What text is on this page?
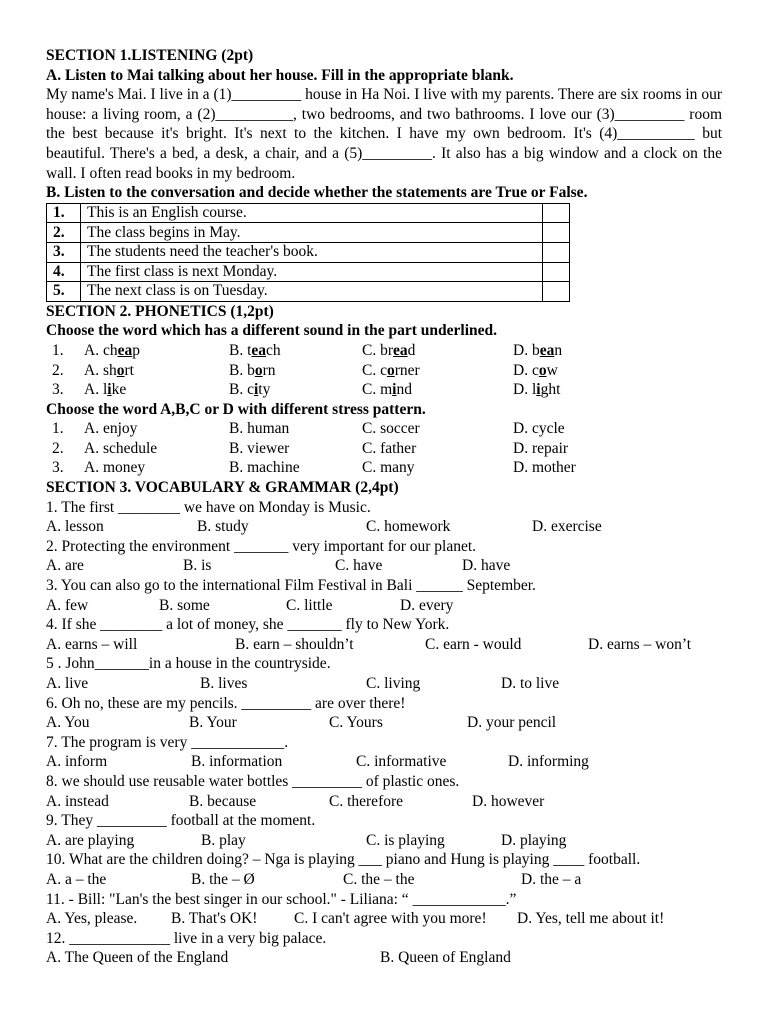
SECTION 1.LISTENING (2pt)
A. Listen to Mai talking about her house. Fill in the appropriate blank.
My name's Mai. I live in a (1)_________ house in Ha Noi. I live with my parents. There are six rooms in our house: a living room, a (2)__________, two bedrooms, and two bathrooms. I love our (3)_________ room the best because it's bright. It's next to the kitchen. I have my own bedroom. It's (4)__________ but beautiful. There's a bed, a desk, a chair, and a (5)_________. It also has a big window and a clock on the wall. I often read books in my bedroom.
B. Listen to the conversation and decide whether the statements are True or False.
1.	This is an English course.	
2.	The class begins in May.	
3.	The students need the teacher's book.	
4.	The first class is next Monday.	
5.	The next class is on Tuesday.	
SECTION 2. PHONETICS (1,2pt)
Choose the word which has a different sound in the part underlined.
1.	A. cheap	B. teach	C. bread	D. bean
2.	A. short	B. born	C. corner	D. cow
3.	A. like	B. city	C. mind	D. light
Choose the word A,B,C or D with different stress pattern.
1.	A. enjoy	B. human	C. soccer	D. cycle
2.	A. schedule	B. viewer	C. father	D. repair
3.	A. money	B. machine	C. many	D. mother
SECTION 3. VOCABULARY & GRAMMAR (2,4pt)
1. The first ________ we have on Monday is Music.
A. lesson	B. study	C. homework	D. exercise
2. Protecting the environment _______ very important for our planet.
A. are	B. is	C. have	D. have
3. You can also go to the international Film Festival in Bali ______ September.
A. few	B. some	C. little	D. every
4. If she ________ a lot of money, she _______ fly to New York.
A. earns – will	B. earn – shouldn’t	C. earn - would	D. earns – won’t
5 . John_______in a house in the countryside.
A. live	B. lives	C. living	D. to live
6. Oh no, these are my pencils. _________ are over there!
A. You	B. Your	C. Yours	D. your pencil
7. The program is very ____________.
A. inform	B. information	C. informative	D. informing
8. we should use reusable water bottles _________ of plastic ones.
A. instead	B. because	C. therefore	D. however
9. They _________ football at the moment.
A. are playing	B. play	C. is playing	D. playing
10. What are the children doing? – Nga is playing ___ piano and Hung is playing ____ football.
A. a – the	B. the – Ø	C. the – the	D. the – a
11. - Bill: "Lan's the best singer in our school." - Liliana: “ ____________.”
A. Yes, please. B. That's OK! C. I can't agree with you more! D. Yes, tell me about it!
12. _____________ live in a very big palace.
A. The Queen of the England	B. Queen of England
